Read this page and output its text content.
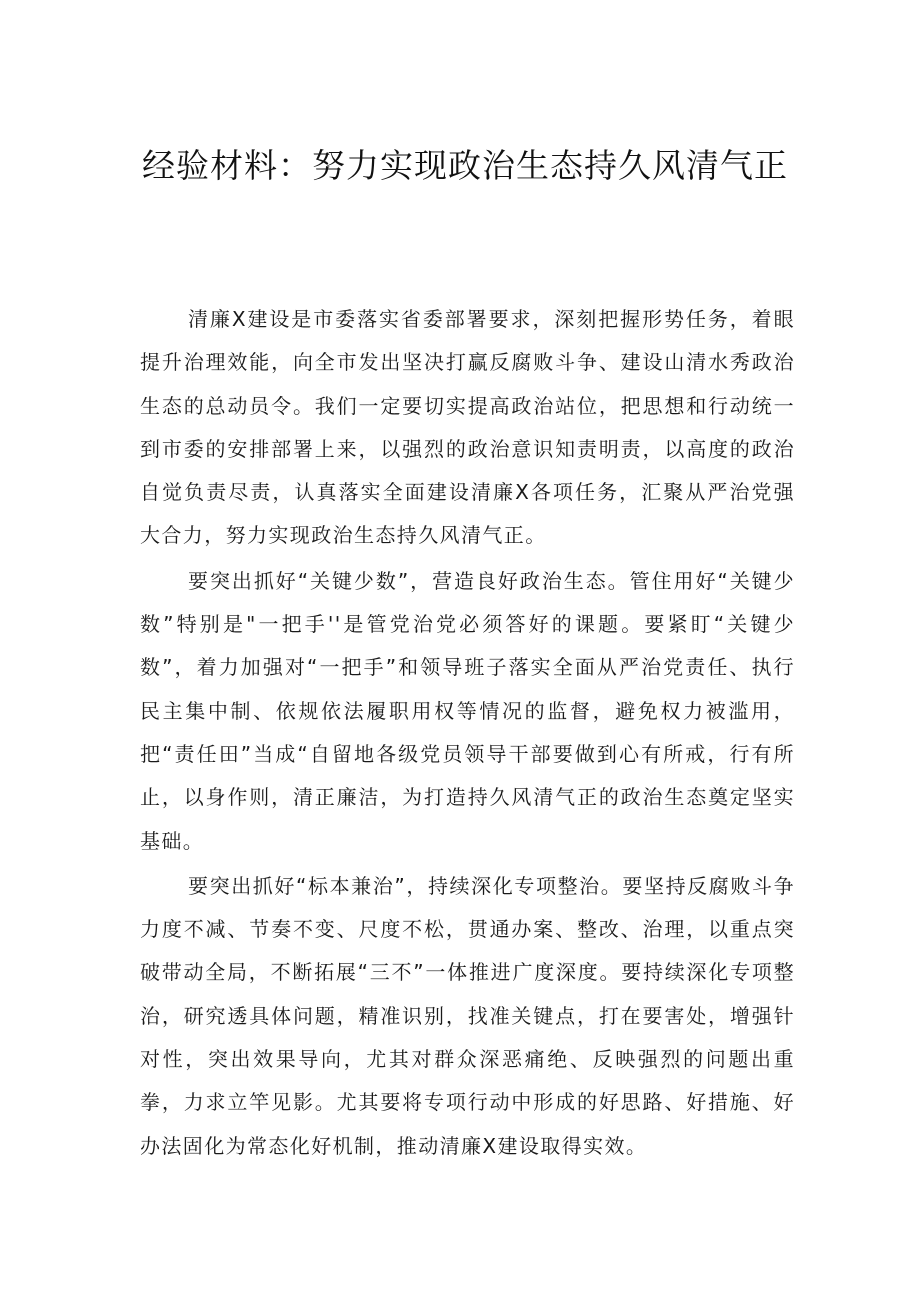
经验材料：努力实现政治生态持久风清气正

清廉X建设是市委落实省委部署要求，深刻把握形势任务，着眼提升治理效能，向全市发出坚决打赢反腐败斗争、建设山清水秀政治生态的总动员令。我们一定要切实提高政治站位，把思想和行动统一到市委的安排部署上来，以强烈的政治意识知责明责，以高度的政治自觉负责尽责，认真落实全面建设清廉X各项任务，汇聚从严治党强大合力，努力实现政治生态持久风清气正。

要突出抓好“关键少数”，营造良好政治生态。管住用好“关键少数”特别是"一把手''是管党治党必须答好的课题。要紧盯“关键少数”，着力加强对“一把手”和领导班子落实全面从严治党责任、执行民主集中制、依规依法履职用权等情况的监督，避免权力被滥用，把“责任田”当成“自留地各级党员领导干部要做到心有所戒，行有所止，以身作则，清正廉洁，为打造持久风清气正的政治生态奠定坚实基础。

要突出抓好“标本兼治”，持续深化专项整治。要坚持反腐败斗争力度不减、节奏不变、尺度不松，贯通办案、整改、治理，以重点突破带动全局，不断拓展“三不”一体推进广度深度。要持续深化专项整治，研究透具体问题，精准识别，找准关键点，打在要害处，增强针对性，突出效果导向，尤其对群众深恶痛绝、反映强烈的问题出重拳，力求立竿见影。尤其要将专项行动中形成的好思路、好措施、好办法固化为常态化好机制，推动清廉X建设取得实效。
